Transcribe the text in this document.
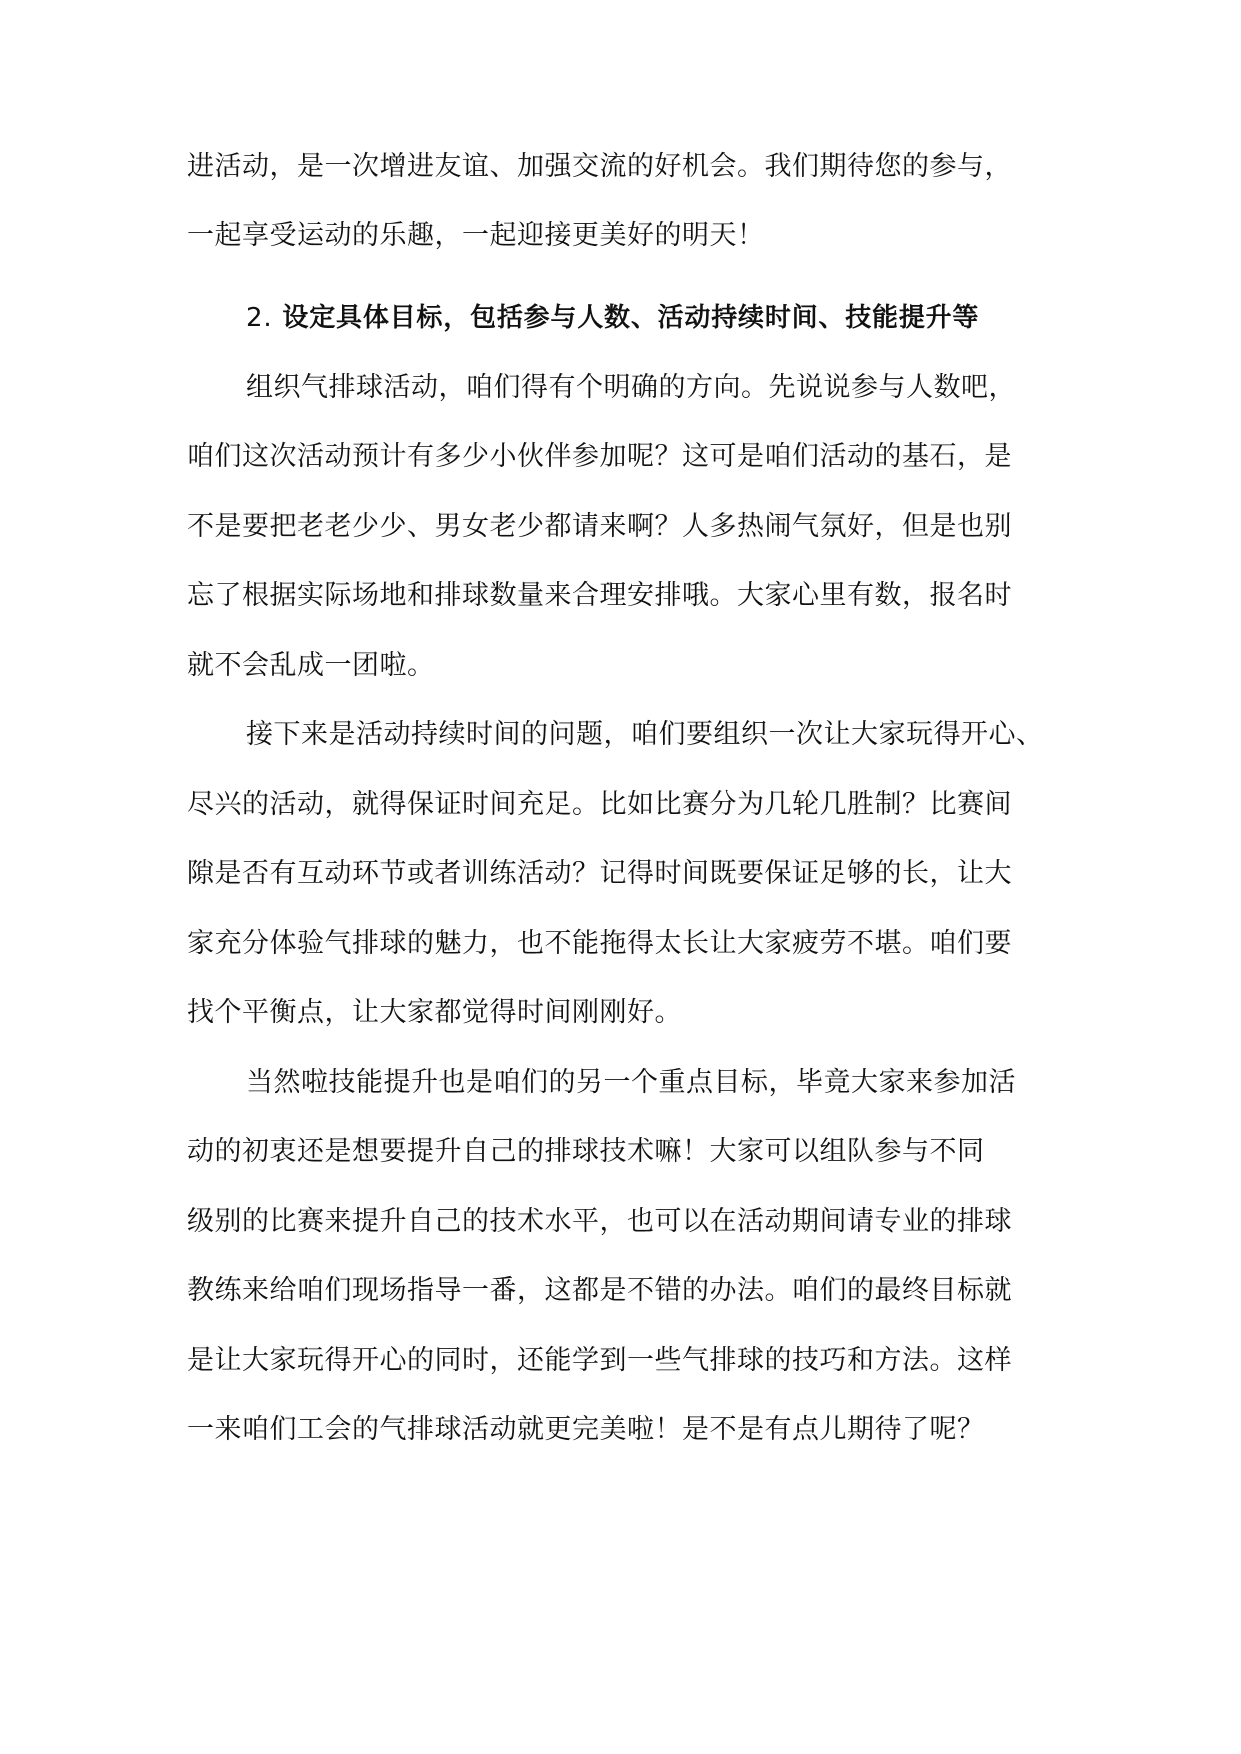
进活动，是一次增进友谊、加强交流的好机会。我们期待您的参与，
一起享受运动的乐趣，一起迎接更美好的明天！
2. 设定具体目标，包括参与人数、活动持续时间、技能提升等
组织气排球活动，咱们得有个明确的方向。先说说参与人数吧，
咱们这次活动预计有多少小伙伴参加呢？这可是咱们活动的基石，是
不是要把老老少少、男女老少都请来啊？人多热闹气氛好，但是也别
忘了根据实际场地和排球数量来合理安排哦。大家心里有数，报名时
就不会乱成一团啦。
接下来是活动持续时间的问题，咱们要组织一次让大家玩得开心、
尽兴的活动，就得保证时间充足。比如比赛分为几轮几胜制？比赛间
隙是否有互动环节或者训练活动？记得时间既要保证足够的长，让大
家充分体验气排球的魅力，也不能拖得太长让大家疲劳不堪。咱们要
找个平衡点，让大家都觉得时间刚刚好。
当然啦技能提升也是咱们的另一个重点目标，毕竟大家来参加活
动的初衷还是想要提升自己的排球技术嘛！大家可以组队参与不同
级别的比赛来提升自己的技术水平，也可以在活动期间请专业的排球
教练来给咱们现场指导一番，这都是不错的办法。咱们的最终目标就
是让大家玩得开心的同时，还能学到一些气排球的技巧和方法。这样
一来咱们工会的气排球活动就更完美啦！是不是有点儿期待了呢？
